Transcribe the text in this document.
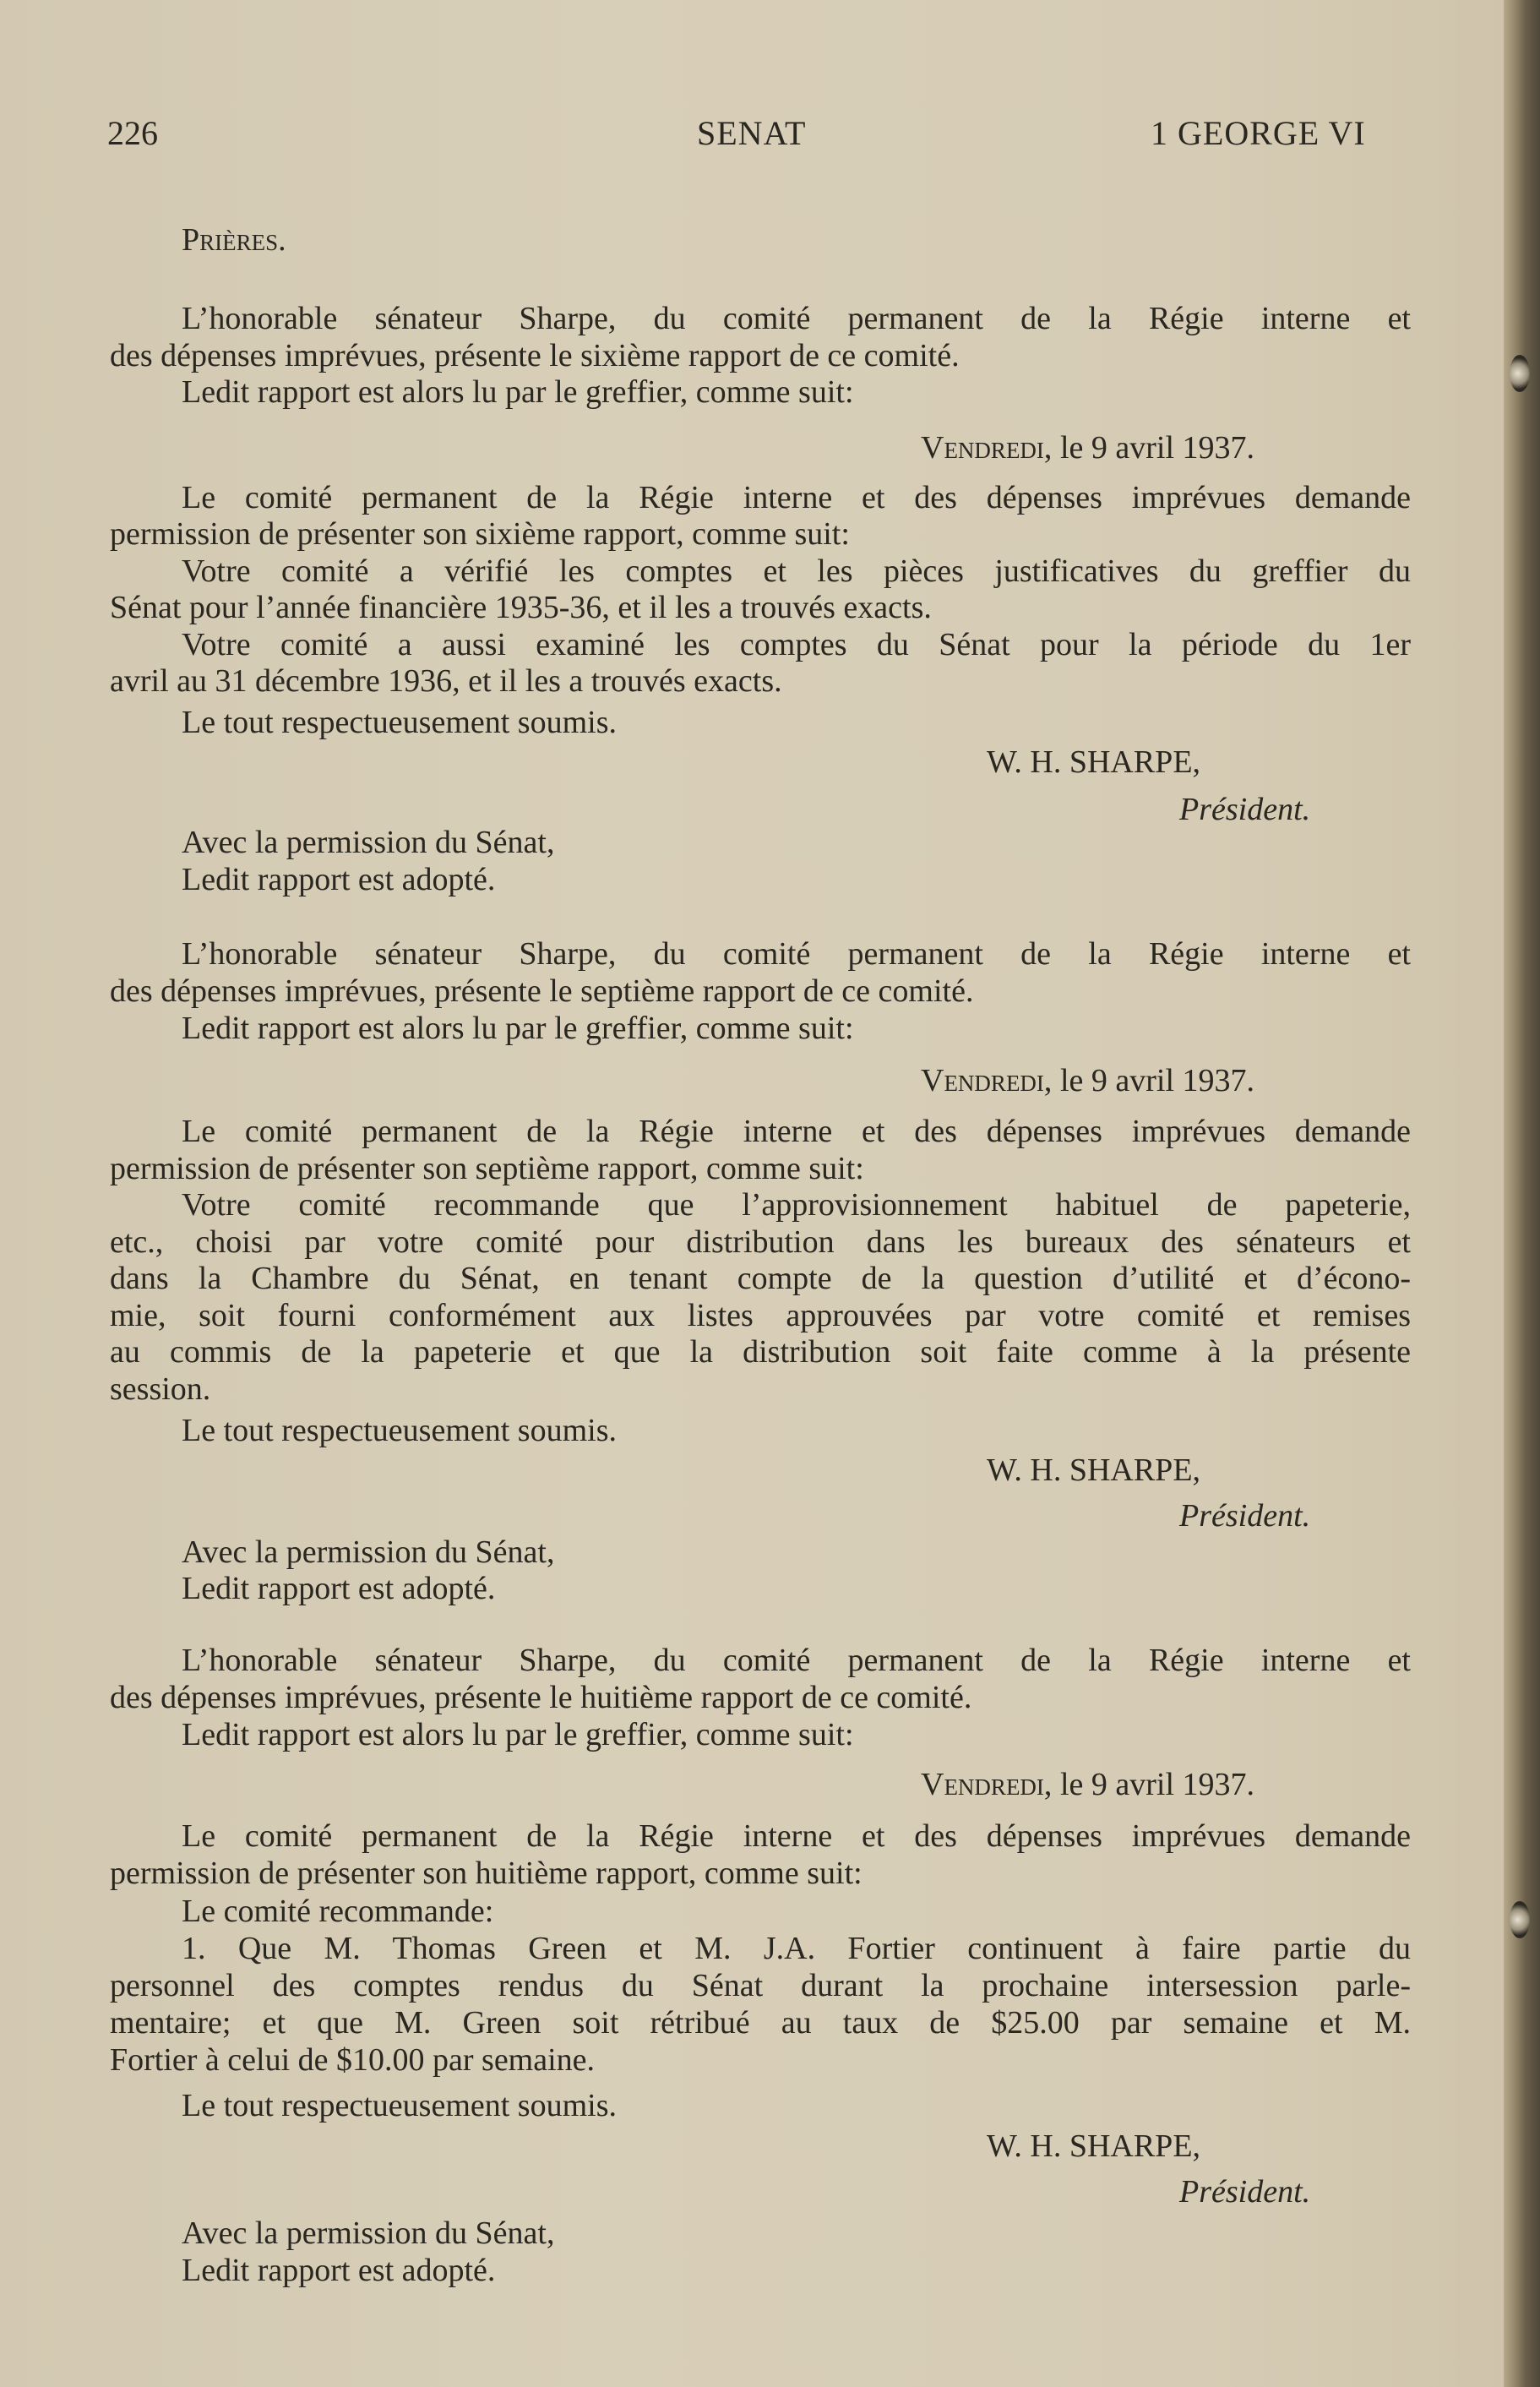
226	SENAT	1 GEORGE VI

Prières.

L’honorable sénateur Sharpe, du comité permanent de la Régie interne et

des dépenses imprévues, présente le sixième rapport de ce comité.

Ledit rapport est alors lu par le greffier, comme suit:

Vendredi, le 9 avril 1937.

Le comité permanent de la Régie interne et des dépenses imprévues demande

permission de présenter son sixième rapport, comme suit:

Votre comité a vérifié les comptes et les pièces justificatives du greffier du

Sénat pour l’année financière 1935-36, et il les a trouvés exacts.

Votre comité a aussi examiné les comptes du Sénat pour la période du 1er

avril au 31 décembre 1936, et il les a trouvés exacts.

Le tout respectueusement soumis.

W. H. SHARPE,

Président.

Avec la permission du Sénat,

Ledit rapport est adopté.

L’honorable sénateur Sharpe, du comité permanent de la Régie interne et

des dépenses imprévues, présente le septième rapport de ce comité.

Ledit rapport est alors lu par le greffier, comme suit:

Vendredi, le 9 avril 1937.

Le comité permanent de la Régie interne et des dépenses imprévues demande

permission de présenter son septième rapport, comme suit:

Votre comité recommande que l’approvisionnement habituel de papeterie,

etc., choisi par votre comité pour distribution dans les bureaux des sénateurs et

dans la Chambre du Sénat, en tenant compte de la question d’utilité et d’écono-

mie, soit fourni conformément aux listes approuvées par votre comité et remises

au commis de la papeterie et que la distribution soit faite comme à la présente

session.

Le tout respectueusement soumis.

W. H. SHARPE,

Président.

Avec la permission du Sénat,

Ledit rapport est adopté.

L’honorable sénateur Sharpe, du comité permanent de la Régie interne et

des dépenses imprévues, présente le huitième rapport de ce comité.

Ledit rapport est alors lu par le greffier, comme suit:

Vendredi, le 9 avril 1937.

Le comité permanent de la Régie interne et des dépenses imprévues demande

permission de présenter son huitième rapport, comme suit:

Le comité recommande:

1. Que M. Thomas Green et M. J.A. Fortier continuent à faire partie du

personnel des comptes rendus du Sénat durant la prochaine intersession parle-

mentaire; et que M. Green soit rétribué au taux de $25.00 par semaine et M.

Fortier à celui de $10.00 par semaine.

Le tout respectueusement soumis.

W. H. SHARPE,

Président.

Avec la permission du Sénat,

Ledit rapport est adopté.
